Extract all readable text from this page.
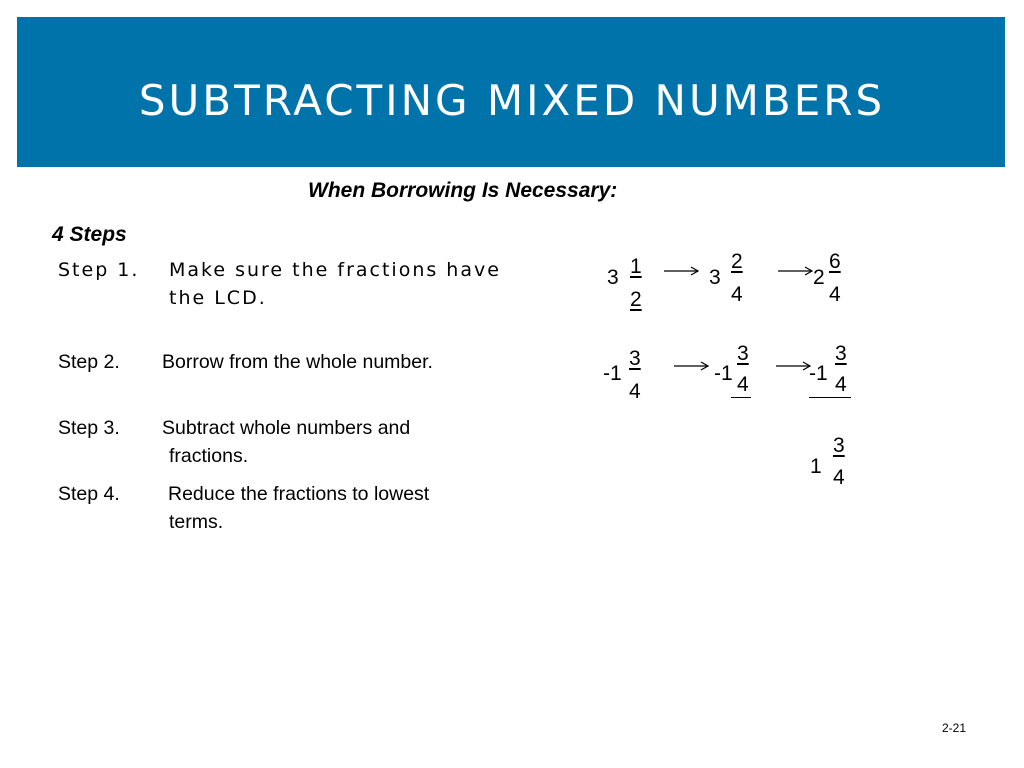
SUBTRACTING MIXED NUMBERS
When Borrowing Is Necessary:
4 Steps
Step 1. Make sure the fractions have
the LCD.
Step 2. Borrow from the whole number.
Step 3. Subtract whole numbers and
fractions.
Step 4. Reduce the fractions to lowest
terms.
3 1
2
3
2
4
2
6
4
-1
3
4
-1
3
4	-1
3
4
1
3
4
2-21
